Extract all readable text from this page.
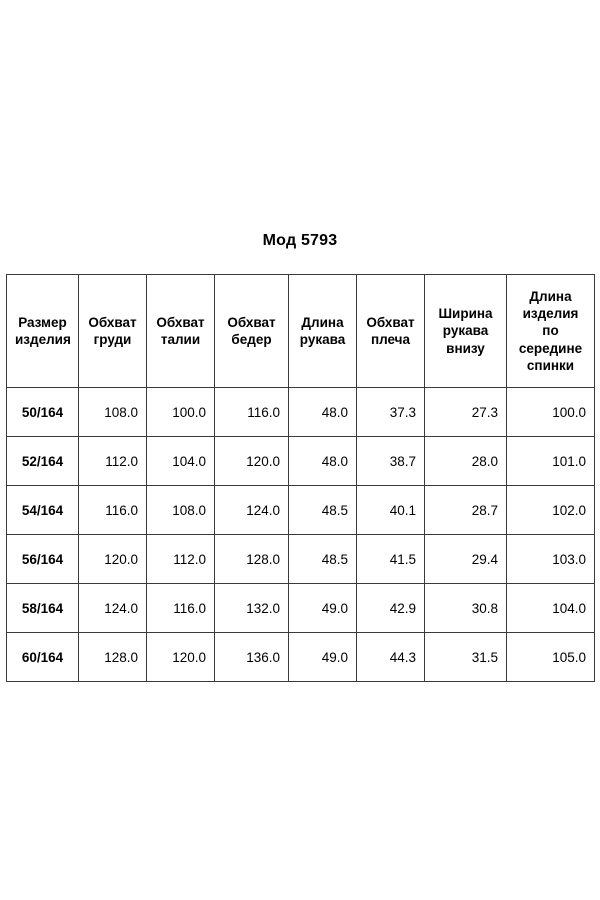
Мод 5793
Размер изделия	Обхват груди	Обхват талии	Обхват бедер	Длина рукава	Обхват плеча	Ширина рукава внизу	Длина изделия по середине спинки
50/164	108.0	100.0	116.0	48.0	37.3	27.3	100.0
52/164	112.0	104.0	120.0	48.0	38.7	28.0	101.0
54/164	116.0	108.0	124.0	48.5	40.1	28.7	102.0
56/164	120.0	112.0	128.0	48.5	41.5	29.4	103.0
58/164	124.0	116.0	132.0	49.0	42.9	30.8	104.0
60/164	128.0	120.0	136.0	49.0	44.3	31.5	105.0
